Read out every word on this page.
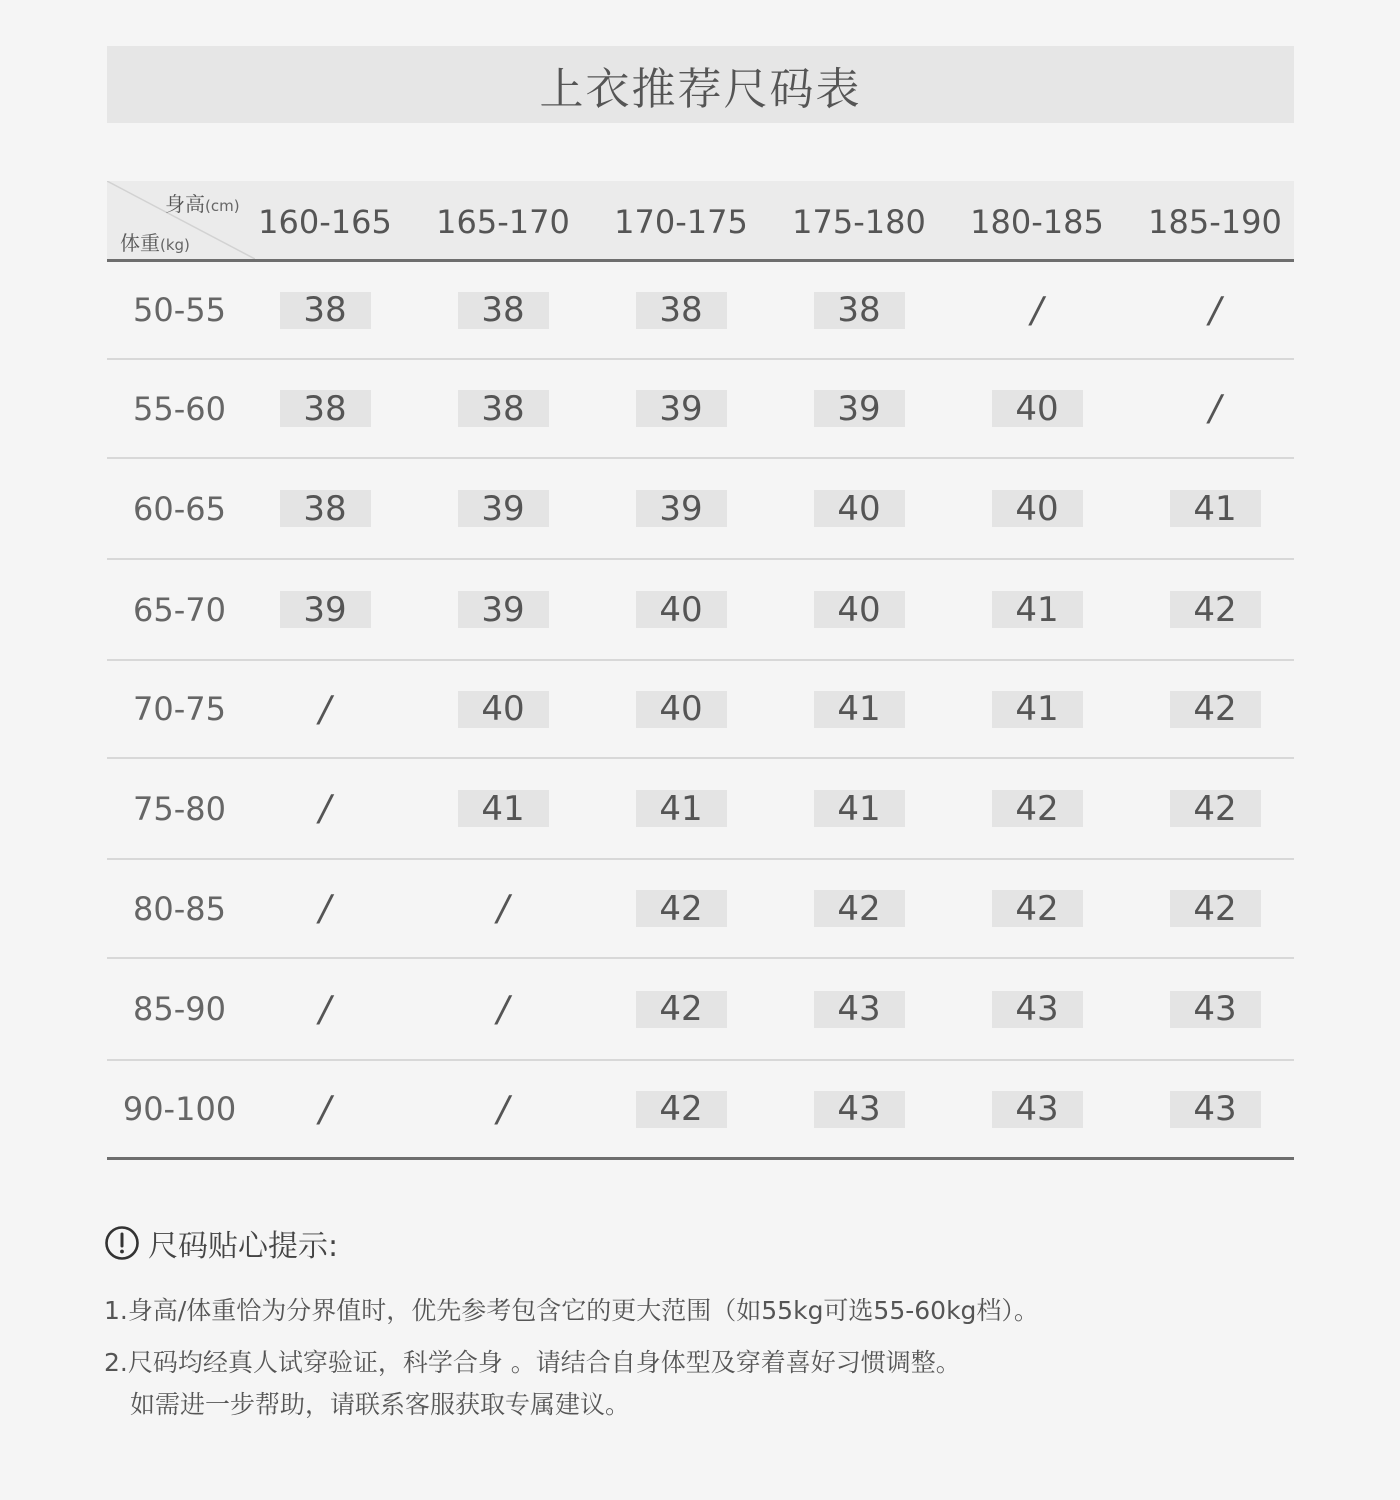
上衣推荐尺码表
身高(cm)
体重(kg)
160-165	165-170	170-175	175-180	180-185	185-190
50-55	38	38	38	38	/	/
55-60	38	38	39	39	40	/
60-65	38	39	39	40	40	41
65-70	39	39	40	40	41	42
70-75	/	40	40	41	41	42
75-80	/	41	41	41	42	42
80-85	/	/	42	42	42	42
85-90	/	/	42	43	43	43
90-100	/	/	42	43	43	43
尺码贴心提示:
1.身高/体重恰为分界值时，优先参考包含它的更大范围（如55kg可选55-60kg档）。
2.尺码均经真人试穿验证，科学合身 。请结合自身体型及穿着喜好习惯调整。
如需进一步帮助，请联系客服获取专属建议。
